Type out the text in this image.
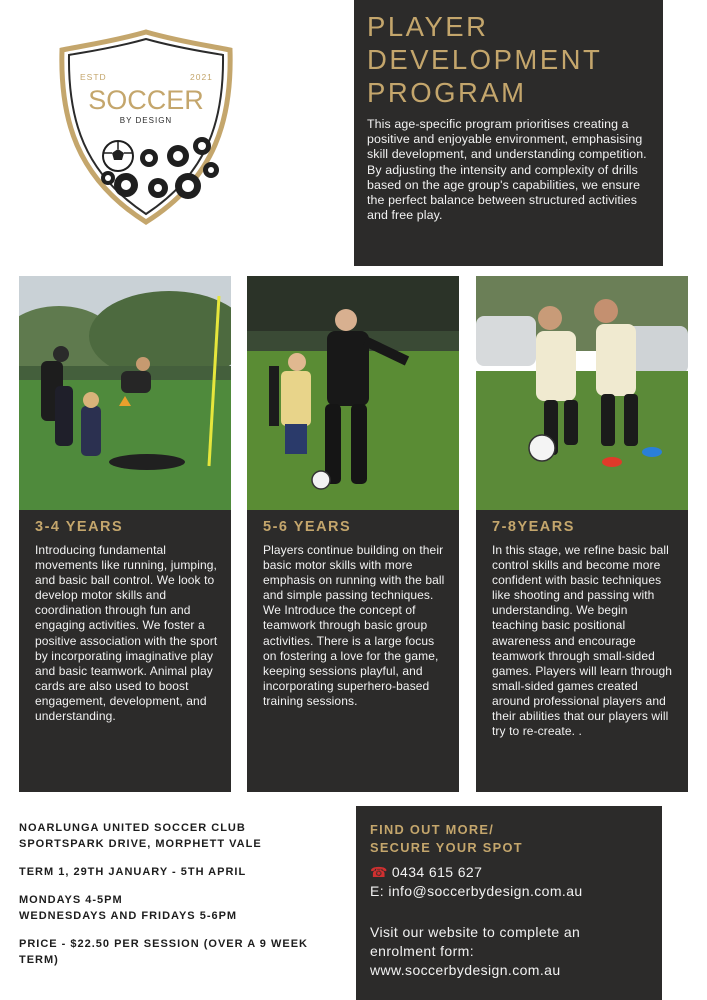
ESTD	2021
SOCCER
BY DESIGN
PLAYER
DEVELOPMENT
PROGRAM
This age-specific program prioritises creating a positive and enjoyable environment, emphasising skill development, and understanding competition. By adjusting the intensity and complexity of drills based on the age group's capabilities, we ensure the perfect balance between structured activities and free play.
3-4 YEARS
Introducing fundamental movements like running, jumping, and basic ball control. We look to develop motor skills and coordination through fun and engaging activities. We foster a positive association with the sport by incorporating imaginative play and basic teamwork. Animal play cards are also used to boost engagement, development, and understanding.
5-6 YEARS
Players continue building on their basic motor skills with more emphasis on running with the ball and simple passing techniques. We Introduce the concept of teamwork through basic group activities. There is a large focus on fostering a love for the game, keeping sessions playful, and incorporating superhero-based training sessions.
7-8YEARS
In this stage, we refine basic ball control skills and become more confident with basic techniques like shooting and passing with understanding. We begin teaching basic positional awareness and encourage teamwork through small-sided games. Players will learn through small-sided games created around professional players and their abilities that our players will try to re-create. .

NOARLUNGA UNITED SOCCER CLUB
SPORTSPARK DRIVE, MORPHETT VALE

TERM 1, 29TH JANUARY - 5TH APRIL

MONDAYS 4-5PM
WEDNESDAYS AND FRIDAYS 5-6PM

PRICE - $22.50 PER SESSION (OVER A 9 WEEK TERM)

FIND OUT MORE/
SECURE YOUR SPOT
☎ 0434 615 627
E: info@soccerbydesign.com.au
Visit our website to complete an enrolment form:
www.soccerbydesign.com.au
